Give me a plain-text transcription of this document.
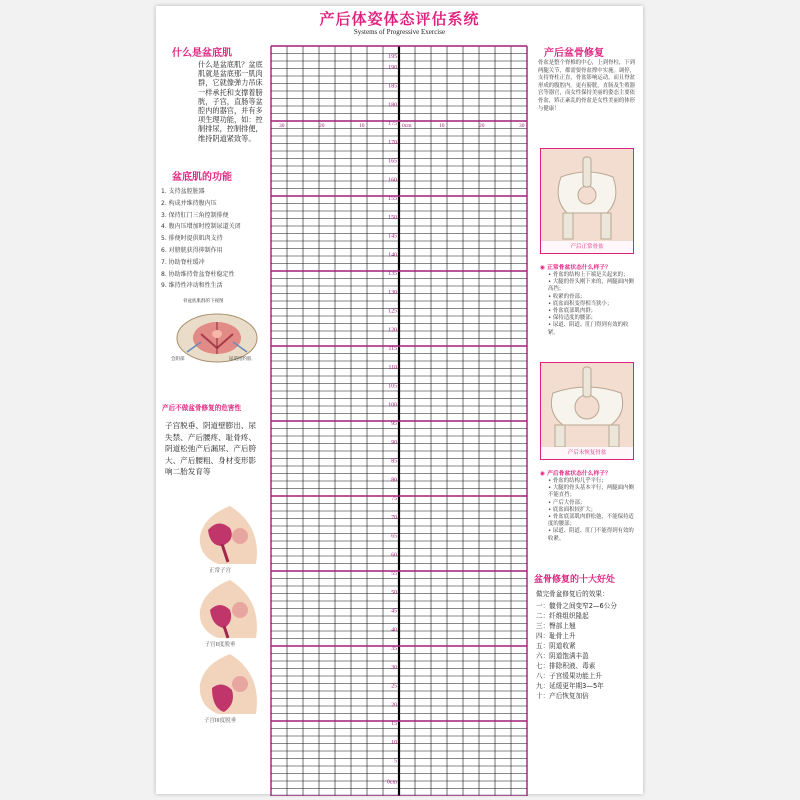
产后体姿体态评估系统
Systems of Progressive Exercise
什么是盆底肌
什么是盆底肌？盆底肌就是盆底那一肌肉群，它就像弹力吊床一样承托和支撑着膀胱，子宫，直肠等盆腔内的器官，并有多项生理功能，如：控制排尿，控制排便，维持阴道紧致等。
盆底肌的功能
1. 支持盆腔脏器
2. 构成并维持腹内压
3. 保持肛门三角控制排便
4. 腹内压增加时控制尿道关闭
5. 排便时提供肌肉支持
6. 对膀胱获得抑制作用
7. 协助脊柱缓冲
8. 协助维持骨盆脊柱稳定性
9. 维持性冲动和性生活
骨盆底肌群的下视图
会阴部	尿道括约肌
产后不做盆骨修复的危害性
子宫脱垂、阴道壁膨出、尿失禁、产后腰疼、耻骨疼、阴道松弛产后漏尿、产后胯大、产后腰粗、身材变形影响二胎发育等
正常子宫
子宫II度脱垂
子宫III度脱垂
30	20	10	0cm	10	20	30
195
190
185
180
175
170
165
160
155
150
145
140
135
130
125
120
115
110
105
100
95
90
85
80
75
70
65
60
55
50
45
40
35
30
25
20
15
10
5
0cm
产后盆骨修复
骨盆是整个脊椎的中心，上到脊柱，下到两腿关节，都需要骨盆撑中实施。调停，支持脊柱正直，骨盆影响运动，而且脊盆形成的腹腔内。更有膀胱，直肠及生殖器官等器官，而女性保持美丽的姿态主要依骨盆，矫正紊乱的骨盆是女性美丽的体形与健康！
产后正常骨盆
◉ 正常骨盆状态什么样子？
• 骨盆的结构上下端是关起来的；
• 大腿的骨头刚下来的，两腿面内侧高挡；
• 收紧的骨部；
• 底盆面积变得相当狭小；
• 骨盆底部肌肉群；
• 保持适度的腰部；
• 尿道、阴道、肛门得到有效的收紧。
产后未恢复骨盆
◉ 产后骨盆状态什么样子？
• 骨盆的结构几乎平行；
• 大腿的骨头基本平行，两腿面内侧不能直挡；
• 产后大骨部；
• 底盆面积较扩大；
• 骨盆底部肌肉群松弛，不能保持适度的腰部；
• 尿道、阴道、肛门不能得到有效的收紧。
盆骨修复的十大好处
做完骨盆修复后的效果：
一：髋骨之间变窄2—6公分
二：纤维组织隆起
三：臀部上翘
四：耻骨上升
五：阴道收紧
六：阴道饱满丰盈
七：排除积液、毒素
八：子宫缓果功能上升
九：延缓更年期3—5年
十：产后恢复加倍
